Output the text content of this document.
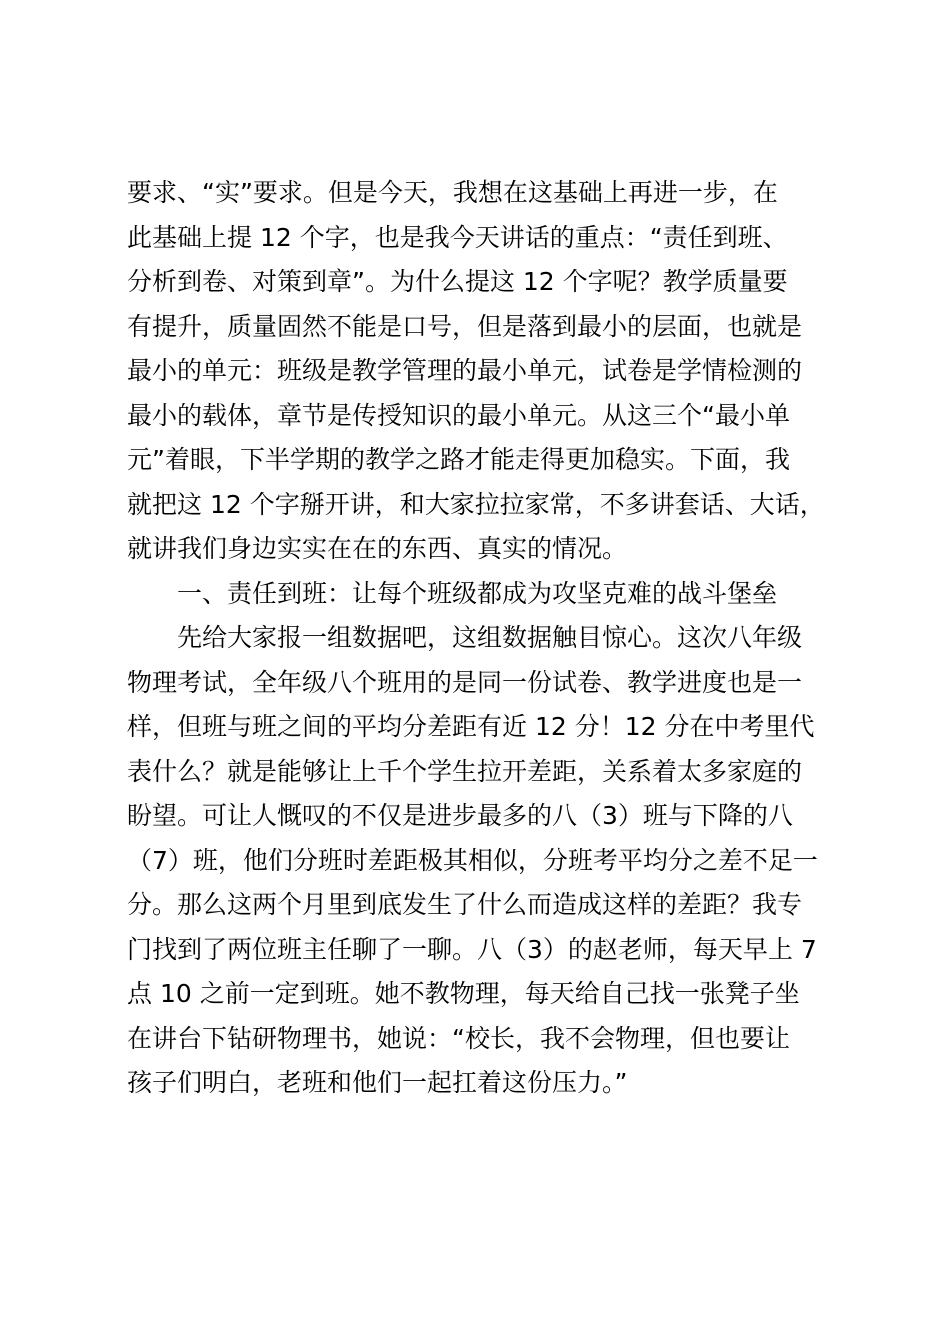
要求、“实”要求。但是今天，我想在这基础上再进一步，在
此基础上提 12 个字，也是我今天讲话的重点：“责任到班、
分析到卷、对策到章”。为什么提这 12 个字呢？教学质量要
有提升，质量固然不能是口号，但是落到最小的层面，也就是
最小的单元：班级是教学管理的最小单元，试卷是学情检测的
最小的载体，章节是传授知识的最小单元。从这三个“最小单
元”着眼，下半学期的教学之路才能走得更加稳实。下面，我
就把这 12 个字掰开讲，和大家拉拉家常，不多讲套话、大话，
就讲我们身边实实在在的东西、真实的情况。
一、责任到班：让每个班级都成为攻坚克难的战斗堡垒
先给大家报一组数据吧，这组数据触目惊心。这次八年级
物理考试，全年级八个班用的是同一份试卷、教学进度也是一
样，但班与班之间的平均分差距有近 12 分！12 分在中考里代
表什么？就是能够让上千个学生拉开差距，关系着太多家庭的
盼望。可让人慨叹的不仅是进步最多的八（3）班与下降的八
（7）班，他们分班时差距极其相似，分班考平均分之差不足一
分。那么这两个月里到底发生了什么而造成这样的差距？我专
门找到了两位班主任聊了一聊。八（3）的赵老师，每天早上 7
点 10 之前一定到班。她不教物理，每天给自己找一张凳子坐
在讲台下钻研物理书，她说：“校长，我不会物理，但也要让
孩子们明白，老班和他们一起扛着这份压力。”
